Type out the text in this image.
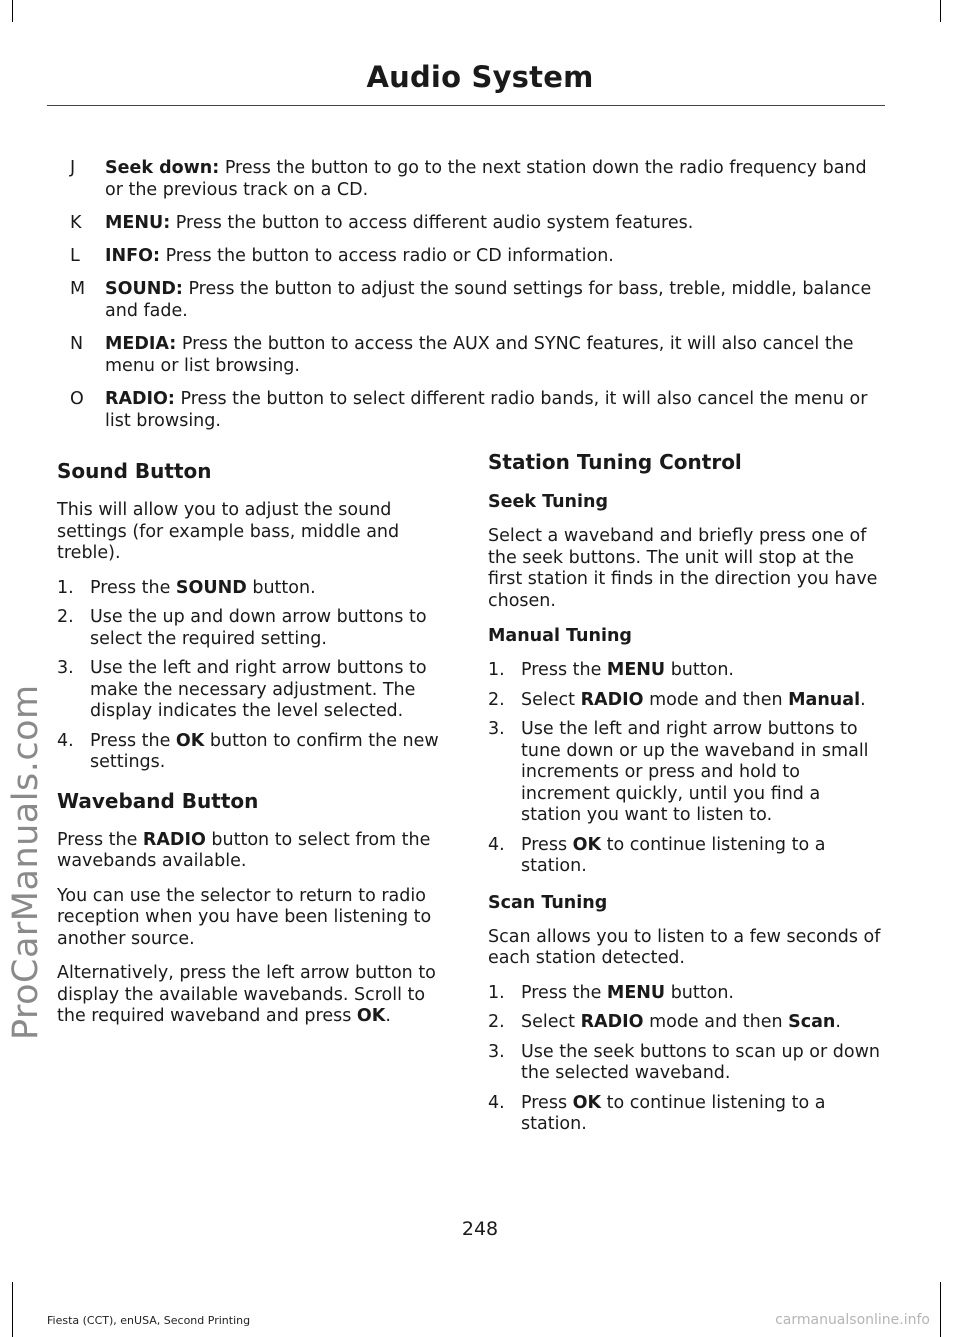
Audio System
J	Seek down: Press the button to go to the next station down the radio frequency band or the previous track on a CD.
K	MENU: Press the button to access different audio system features.
L	INFO: Press the button to access radio or CD information.
M	SOUND: Press the button to adjust the sound settings for bass, treble, middle, balance and fade.
N	MEDIA: Press the button to access the AUX and SYNC features, it will also cancel the menu or list browsing.
O	RADIO: Press the button to select different radio bands, it will also cancel the menu or list browsing.
Sound Button

This will allow you to adjust the sound settings (for example bass, middle and treble).

1. Press the SOUND button.
2. Use the up and down arrow buttons to select the required setting.
3. Use the left and right arrow buttons to make the necessary adjustment. The display indicates the level selected.
4. Press the OK button to confirm the new settings.
Waveband Button

Press the RADIO button to select from the wavebands available.

You can use the selector to return to radio reception when you have been listening to another source.

Alternatively, press the left arrow button to display the available wavebands. Scroll to the required waveband and press OK.

Station Tuning Control
Seek Tuning

Select a waveband and briefly press one of the seek buttons. The unit will stop at the first station it finds in the direction you have chosen.

Manual Tuning
1. Press the MENU button.
2. Select RADIO mode and then Manual.
3. Use the left and right arrow buttons to tune down or up the waveband in small increments or press and hold to increment quickly, until you find a station you want to listen to.
4. Press OK to continue listening to a station.
Scan Tuning

Scan allows you to listen to a few seconds of each station detected.

1. Press the MENU button.
2. Select RADIO mode and then Scan.
3. Use the seek buttons to scan up or down the selected waveband.
4. Press OK to continue listening to a station.
ProCarManuals.com
248
Fiesta (CCT), enUSA, Second Printing	carmanualsonline.info
